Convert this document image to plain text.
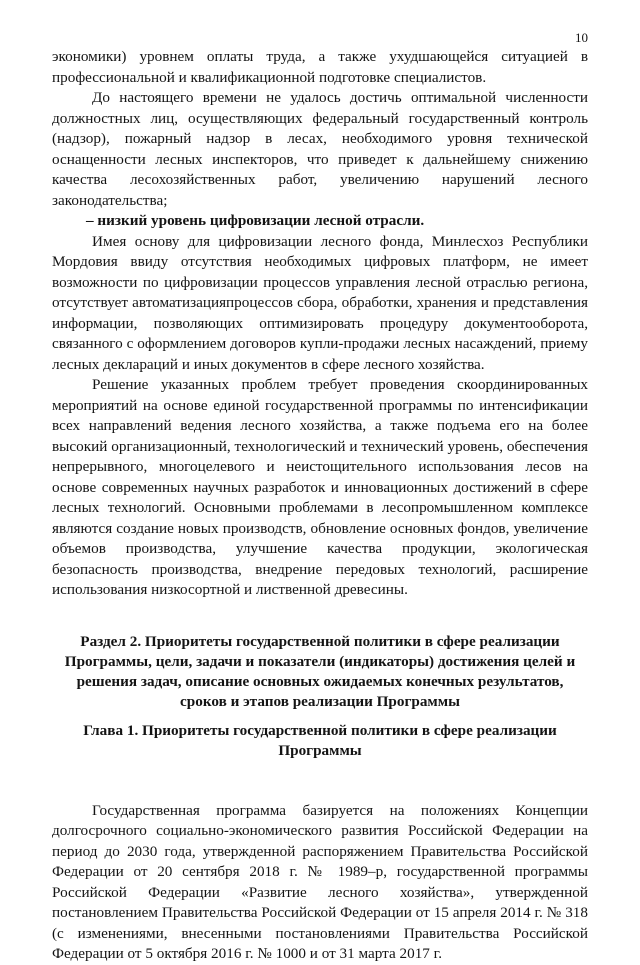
10

экономики) уровнем оплаты труда, а также ухудшающейся ситуацией в профессиональной и квалификационной подготовке специалистов.

До настоящего времени не удалось достичь оптимальной численности должностных лиц, осуществляющих федеральный государственный контроль (надзор), пожарный надзор в лесах, необходимого уровня технической оснащенности лесных инспекторов, что приведет к дальнейшему снижению качества лесохозяйственных работ, увеличению нарушений лесного законодательства;

– низкий уровень цифровизации лесной отрасли.

Имея основу для цифровизации лесного фонда, Минлесхоз Республики Мордовия ввиду отсутствия необходимых цифровых платформ, не имеет возможности по цифровизации процессов управления лесной отраслью региона, отсутствует автоматизацияпроцессов сбора, обработки, хранения и представления информации, позволяющих оптимизировать процедуру документооборота, связанного с оформлением договоров купли-продажи лесных насаждений, приему лесных деклараций и иных документов в сфере лесного хозяйства.

Решение указанных проблем требует проведения скоординированных мероприятий на основе единой государственной программы по интенсификации всех направлений ведения лесного хозяйства, а также подъема его на более высокий организационный, технологический и технический уровень, обеспечения непрерывного, многоцелевого и неистощительного использования лесов на основе современных научных разработок и инновационных достижений в сфере лесных технологий. Основными проблемами в лесопромышленном комплексе являются создание новых производств, обновление основных фондов, увеличение объемов производства, улучшение качества продукции, экологическая безопасность производства, внедрение передовых технологий, расширение использования низкосортной и лиственной древесины.

Раздел 2. Приоритеты государственной политики в сфере реализации Программы, цели, задачи и показатели (индикаторы) достижения целей и решения задач, описание основных ожидаемых конечных результатов, сроков и этапов реализации Программы

Глава 1. Приоритеты государственной политики в сфере реализации Программы

Государственная программа базируется на положениях Концепции долгосрочного социально-экономического развития Российской Федерации на период до 2030 года, утвержденной распоряжением Правительства Российской Федерации от 20 сентября 2018 г. № 1989–р, государственной программы Российской Федерации «Развитие лесного хозяйства», утвержденной постановлением Правительства Российской Федерации от 15 апреля 2014 г. № 318 (с изменениями, внесенными постановлениями Правительства Российской Федерации от 5 октября 2016 г. № 1000 и от 31 марта 2017 г.
